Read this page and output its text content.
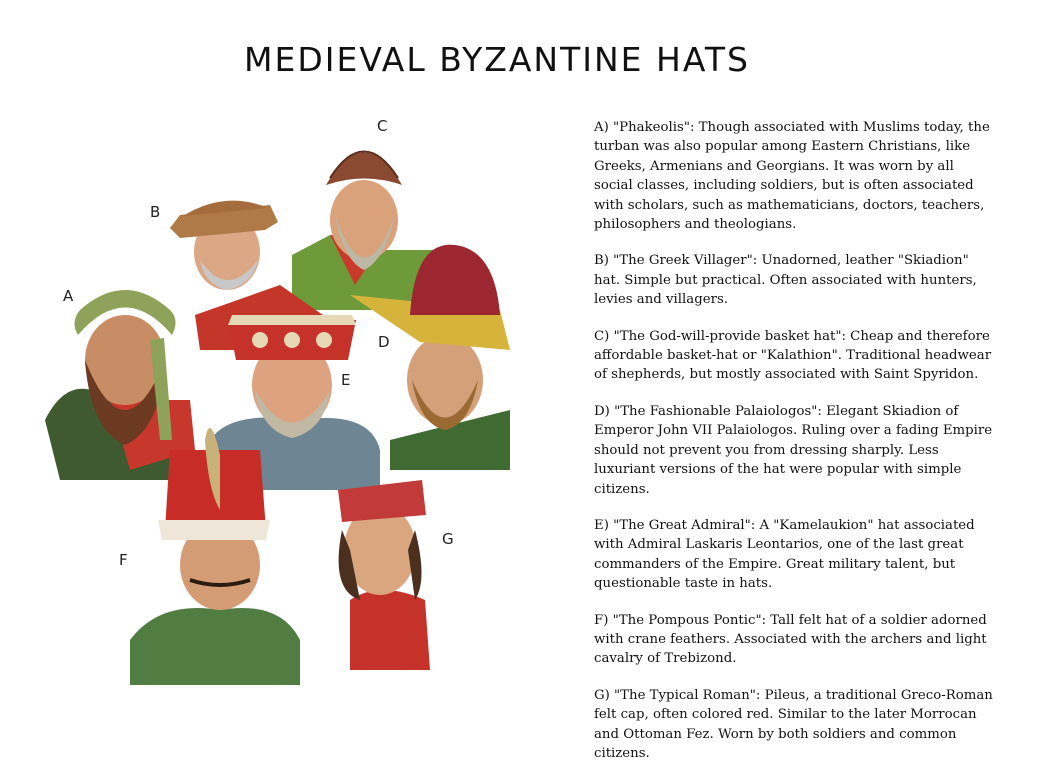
MEDIEVAL BYZANTINE HATS
A
B
C
D
E
F
G

A) "Phakeolis": Though associated with Muslims today, the turban was also popular among Eastern Christians, like Greeks, Armenians and Georgians. It was worn by all social classes, including soldiers, but is often associated with scholars, such as mathematicians, doctors, teachers, philosophers and theologians.

B) "The Greek Villager": Unadorned, leather "Skiadion" hat. Simple but practical. Often associated with hunters, levies and villagers.

C) "The God-will-provide basket hat": Cheap and therefore affordable basket-hat or "Kalathion". Traditional headwear of shepherds, but mostly associated with Saint Spyridon.

D) "The Fashionable Palaiologos": Elegant Skiadion of Emperor John VII Palaiologos. Ruling over a fading Empire should not prevent you from dressing sharply. Less luxuriant versions of the hat were popular with simple citizens.

E) "The Great Admiral": A "Kamelaukion" hat associated with Admiral Laskaris Leontarios, one of the last great commanders of the Empire. Great military talent, but questionable taste in hats.

F) "The Pompous Pontic": Tall felt hat of a soldier adorned with crane feathers. Associated with the archers and light cavalry of Trebizond.

G) "The Typical Roman": Pileus, a traditional Greco-Roman felt cap, often colored red. Similar to the later Morrocan and Ottoman Fez. Worn by both soldiers and common citizens.
